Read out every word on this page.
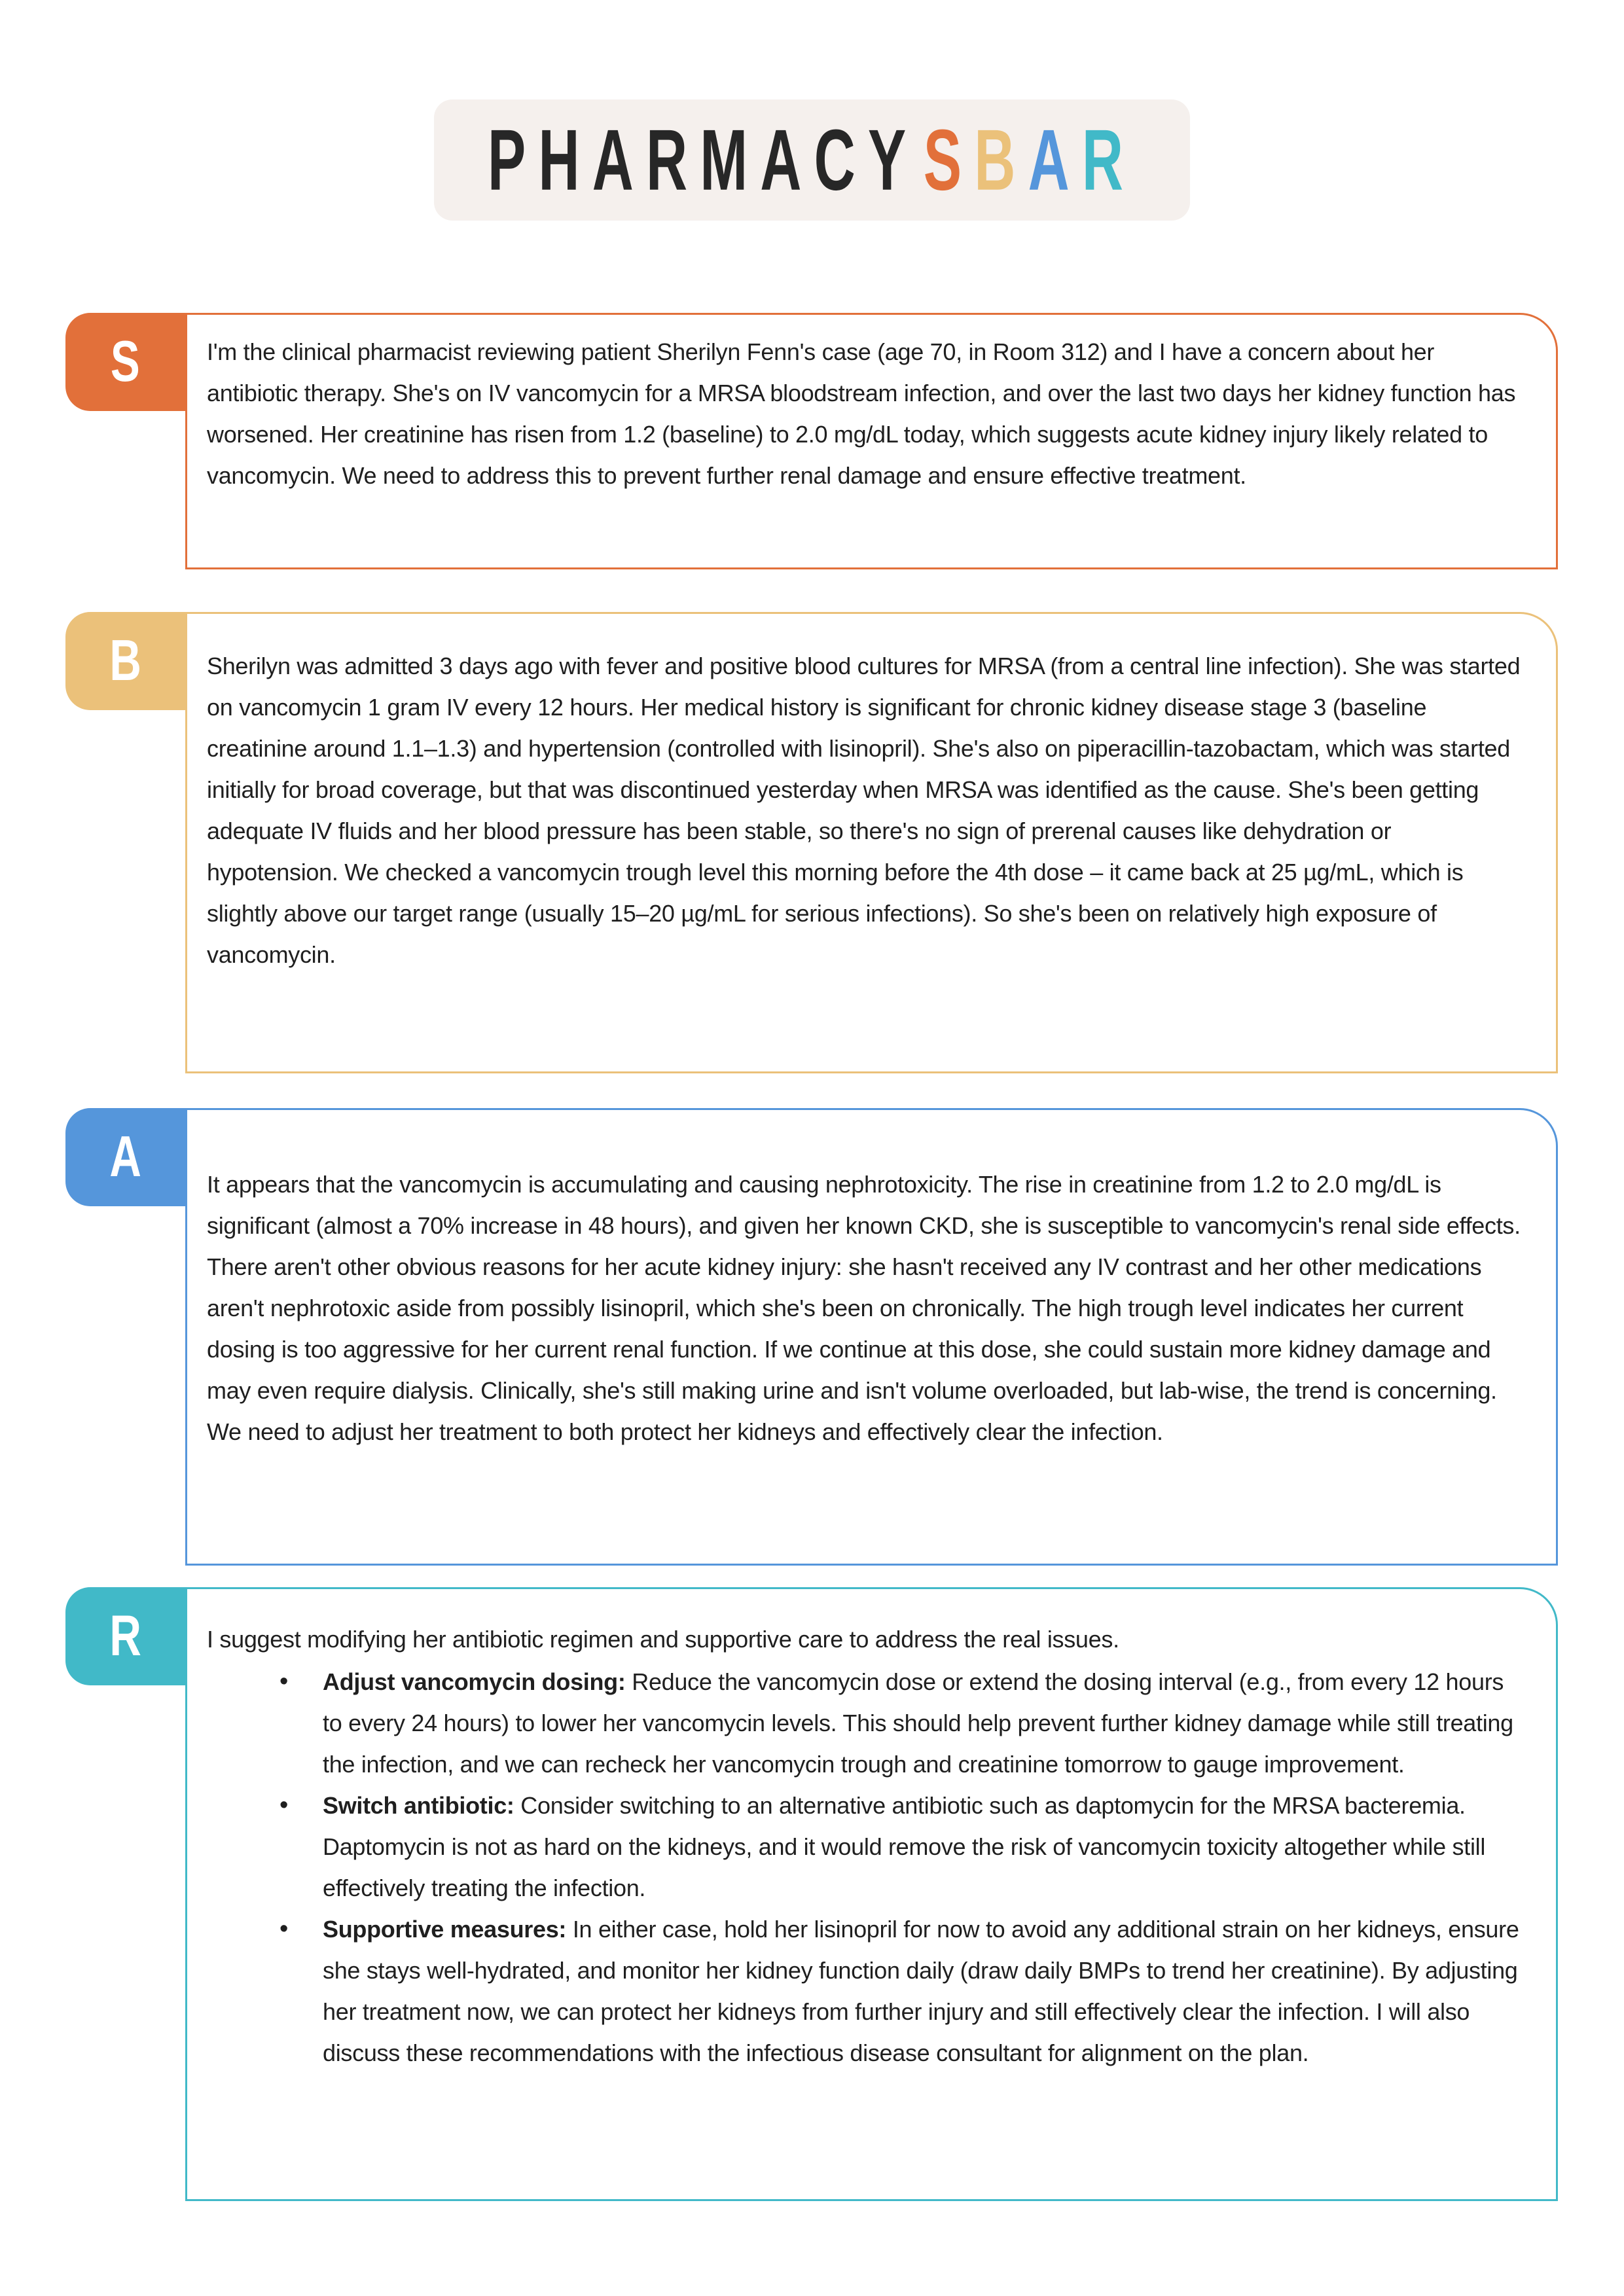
PHARMACYSBAR
S	I'm the clinical pharmacist reviewing patient Sherilyn Fenn's case (age 70, in Room 312) and I have a concern about her antibiotic therapy. She's on IV vancomycin for a MRSA bloodstream infection, and over the last two days her kidney function has worsened. Her creatinine has risen from 1.2 (baseline) to 2.0 mg/dL today, which suggests acute kidney injury likely related to vancomycin. We need to address this to prevent further renal damage and ensure effective treatment.

B	Sherilyn was admitted 3 days ago with fever and positive blood cultures for MRSA (from a central line infection). She was started on vancomycin 1 gram IV every 12 hours. Her medical history is significant for chronic kidney disease stage 3 (baseline creatinine around 1.1–1.3) and hypertension (controlled with lisinopril). She's also on piperacillin-tazobactam, which was started initially for broad coverage, but that was discontinued yesterday when MRSA was identified as the cause. She's been getting adequate IV fluids and her blood pressure has been stable, so there's no sign of prerenal causes like dehydration or hypotension. We checked a vancomycin trough level this morning before the 4th dose – it came back at 25 µg/mL, which is slightly above our target range (usually 15–20 µg/mL for serious infections). So she's been on relatively high exposure of vancomycin.

A	It appears that the vancomycin is accumulating and causing nephrotoxicity. The rise in creatinine from 1.2 to 2.0 mg/dL is significant (almost a 70% increase in 48 hours), and given her known CKD, she is susceptible to vancomycin's renal side effects. There aren't other obvious reasons for her acute kidney injury: she hasn't received any IV contrast and her other medications aren't nephrotoxic aside from possibly lisinopril, which she's been on chronically. The high trough level indicates her current dosing is too aggressive for her current renal function. If we continue at this dose, she could sustain more kidney damage and may even require dialysis. Clinically, she's still making urine and isn't volume overloaded, but lab-wise, the trend is concerning. We need to adjust her treatment to both protect her kidneys and effectively clear the infection.

R	I suggest modifying her antibiotic regimen and supportive care to address the real issues.

• Adjust vancomycin dosing: Reduce the vancomycin dose or extend the dosing interval (e.g., from every 12 hours to every 24 hours) to lower her vancomycin levels. This should help prevent further kidney damage while still treating the infection, and we can recheck her vancomycin trough and creatinine tomorrow to gauge improvement.
• Switch antibiotic: Consider switching to an alternative antibiotic such as daptomycin for the MRSA bacteremia. Daptomycin is not as hard on the kidneys, and it would remove the risk of vancomycin toxicity altogether while still effectively treating the infection.
• Supportive measures: In either case, hold her lisinopril for now to avoid any additional strain on her kidneys, ensure she stays well-hydrated, and monitor her kidney function daily (draw daily BMPs to trend her creatinine). By adjusting her treatment now, we can protect her kidneys from further injury and still effectively clear the infection. I will also discuss these recommendations with the infectious disease consultant for alignment on the plan.
